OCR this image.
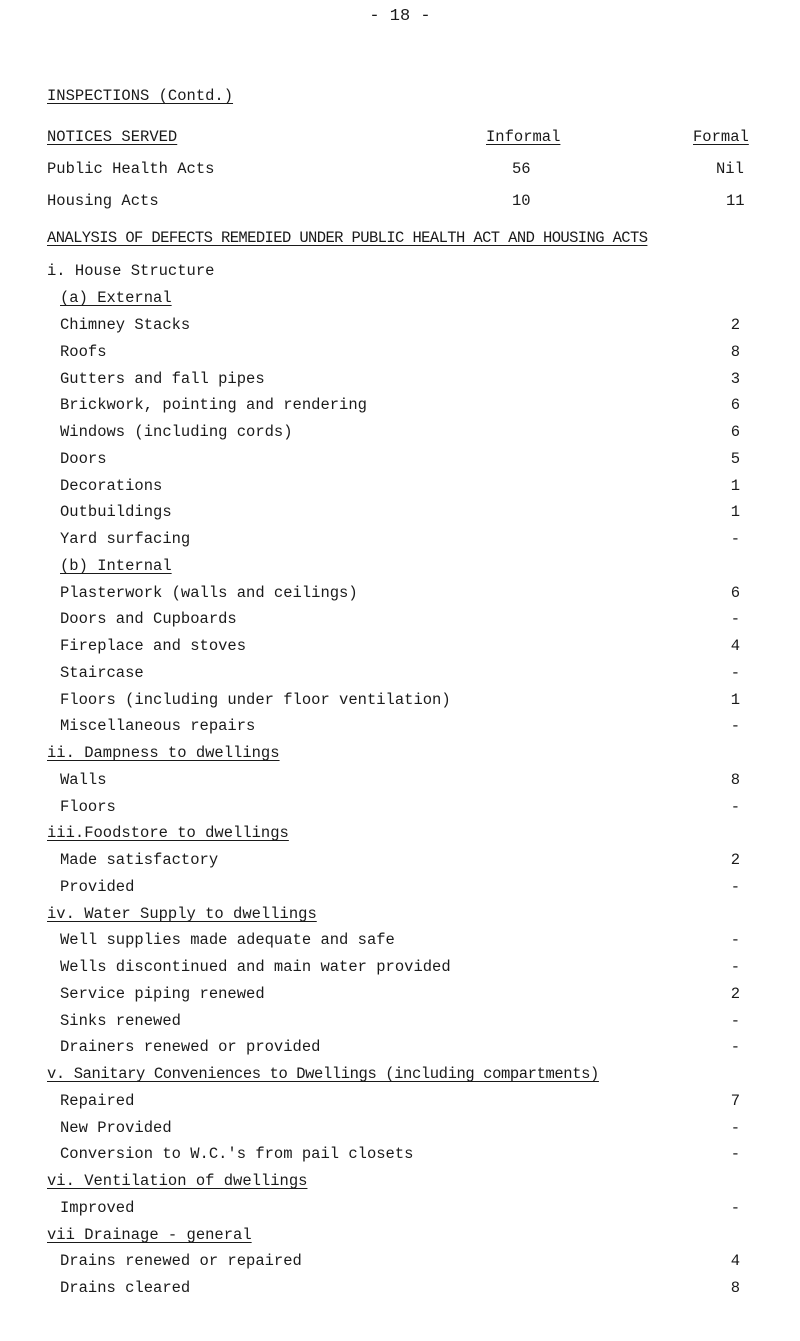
- 18 -
INSPECTIONS (Contd.)
NOTICES SERVED	Informal	Formal
Public Health Acts	56	Nil
Housing Acts	10	11
ANALYSIS OF DEFECTS REMEDIED UNDER PUBLIC HEALTH ACT AND HOUSING ACTS
i. House Structure
(a) External
Chimney Stacks	2
Roofs	8
Gutters and fall pipes	3
Brickwork, pointing and rendering	6
Windows (including cords)	6
Doors	5
Decorations	1
Outbuildings	1
Yard surfacing	-
(b) Internal
Plasterwork (walls and ceilings)	6
Doors and Cupboards	-
Fireplace and stoves	4
Staircase	-
Floors (including under floor ventilation)	1
Miscellaneous repairs	-
ii. Dampness to dwellings
Walls	8
Floors	-
iii.Foodstore to dwellings
Made satisfactory	2
Provided	-
iv. Water Supply to dwellings
Well supplies made adequate and safe	-
Wells discontinued and main water provided	-
Service piping renewed	2
Sinks renewed	-
Drainers renewed or provided	-
v. Sanitary Conveniences to Dwellings (including compartments)
Repaired	7
New Provided	-
Conversion to W.C.'s from pail closets	-
vi. Ventilation of dwellings
Improved	-
vii Drainage - general
Drains renewed or repaired	4
Drains cleared	8
